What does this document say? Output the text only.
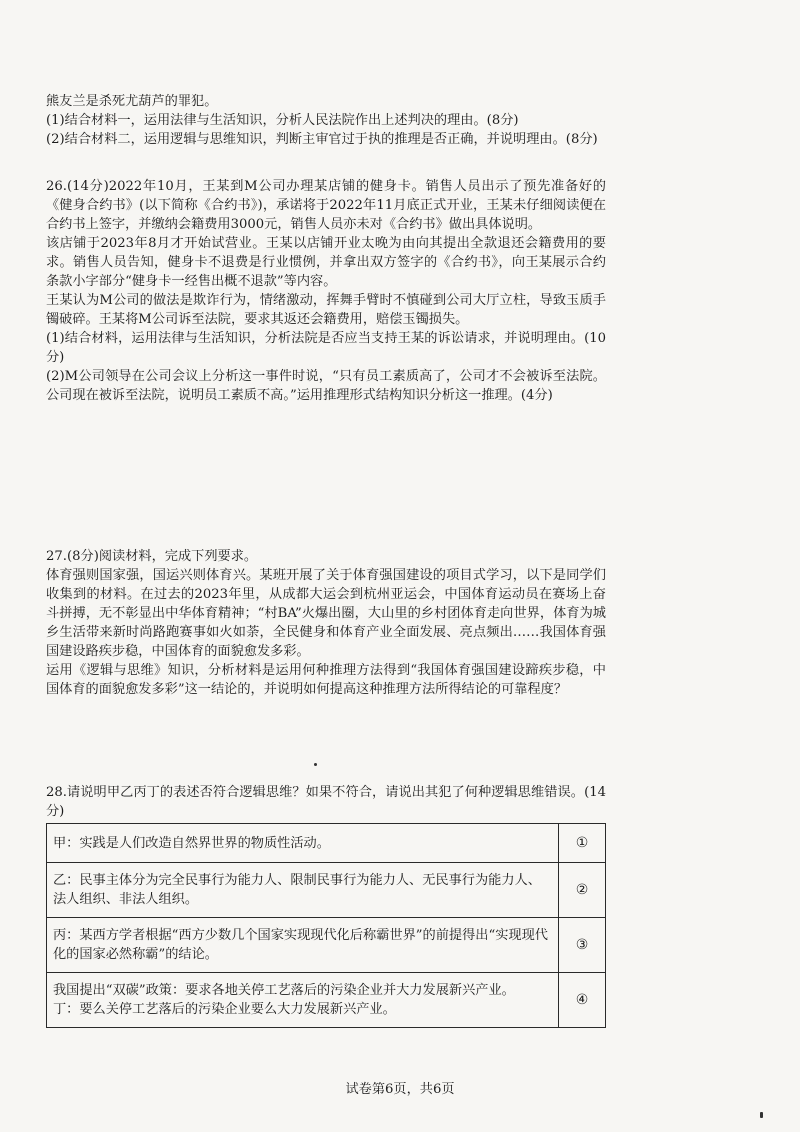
熊友兰是杀死尤葫芦的罪犯。

(1)结合材料一，运用法律与生活知识，分析人民法院作出上述判决的理由。(8分)

(2)结合材料二，运用逻辑与思维知识，判断主审官过于执的推理是否正确，并说明理由。(8分)

26.(14分)2022年10月，王某到M公司办理某店铺的健身卡。销售人员出示了预先准备好的《健身合约书》(以下简称《合约书》)，承诺将于2022年11月底正式开业，王某未仔细阅读便在合约书上签字，并缴纳会籍费用3000元，销售人员亦未对《合约书》做出具体说明。

该店铺于2023年8月才开始试营业。王某以店铺开业太晚为由向其提出全款退还会籍费用的要求。销售人员告知，健身卡不退费是行业惯例，并拿出双方签字的《合约书》，向王某展示合约条款小字部分“健身卡一经售出概不退款”等内容。

王某认为M公司的做法是欺诈行为，情绪激动，挥舞手臂时不慎碰到公司大厅立柱，导致玉质手镯破碎。王某将M公司诉至法院，要求其返还会籍费用，赔偿玉镯损失。

(1)结合材料，运用法律与生活知识，分析法院是否应当支持王某的诉讼请求，并说明理由。(10分)

(2)M公司领导在公司会议上分析这一事件时说，“只有员工素质高了，公司才不会被诉至法院。公司现在被诉至法院，说明员工素质不高。”运用推理形式结构知识分析这一推理。(4分)

27.(8分)阅读材料，完成下列要求。

体育强则国家强，国运兴则体育兴。某班开展了关于体育强国建设的项目式学习，以下是同学们收集到的材料。在过去的2023年里，从成都大运会到杭州亚运会，中国体育运动员在赛场上奋斗拼搏，无不彰显出中华体育精神；“村BA”火爆出圈，大山里的乡村团体育走向世界，体育为城乡生活带来新时尚路跑赛事如火如荼，全民健身和体育产业全面发展、亮点频出……我国体育强国建设路疾步稳，中国体育的面貌愈发多彩。

运用《逻辑与思维》知识，分析材料是运用何种推理方法得到“我国体育强国建设蹄疾步稳，中国体育的面貌愈发多彩”这一结论的，并说明如何提高这种推理方法所得结论的可靠程度？

28.请说明甲乙丙丁的表述否符合逻辑思维？如果不符合，请说出其犯了何种逻辑思维错误。(14分)

甲：实践是人们改造自然界世界的物质性活动。	①
乙：民事主体分为完全民事行为能力人、限制民事行为能力人、无民事行为能力人、法人组织、非法人组织。	②
丙：某西方学者根据“西方少数几个国家实现现代化后称霸世界”的前提得出“实现现代化的国家必然称霸”的结论。	③
我国提出“双碳”政策：要求各地关停工艺落后的污染企业并大力发展新兴产业。
丁：要么关停工艺落后的污染企业要么大力发展新兴产业。	④
试卷第6页，共6页
